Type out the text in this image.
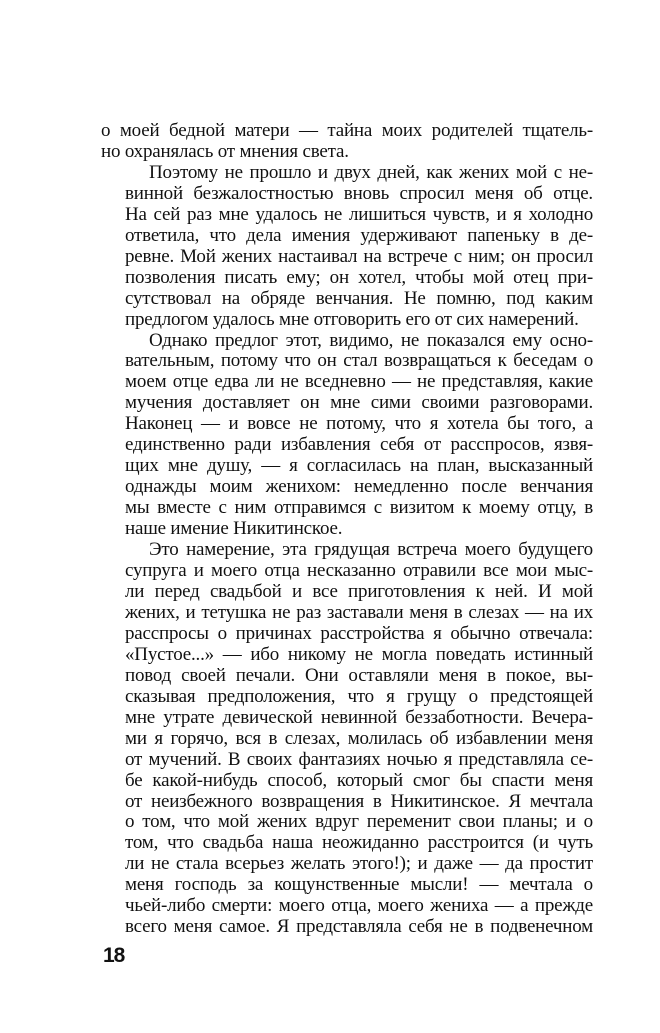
о моей бедной матери — тайна моих родителей тщатель-
но охранялась от мнения света.
Поэтому не прошло и двух дней, как жених мой с не-
винной безжалостностью вновь спросил меня об отце.
На сей раз мне удалось не лишиться чувств, и я холодно
ответила, что дела имения удерживают папеньку в де-
ревне. Мой жених настаивал на встрече с ним; он просил
позволения писать ему; он хотел, чтобы мой отец при-
сутствовал на обряде венчания. Не помню, под каким
предлогом удалось мне отговорить его от сих намерений.
Однако предлог этот, видимо, не показался ему осно-
вательным, потому что он стал возвращаться к беседам о
моем отце едва ли не вседневно — не представляя, какие
мучения доставляет он мне сими своими разговорами.
Наконец — и вовсе не потому, что я хотела бы того, а
единственно ради избавления себя от расспросов, язвя-
щих мне душу, — я согласилась на план, высказанный
однажды моим женихом: немедленно после венчания
мы вместе с ним отправимся с визитом к моему отцу, в
наше имение Никитинское.
Это намерение, эта грядущая встреча моего будущего
супруга и моего отца несказанно отравили все мои мыс-
ли перед свадьбой и все приготовления к ней. И мой
жених, и тетушка не раз заставали меня в слезах — на их
расспросы о причинах расстройства я обычно отвечала:
«Пустое...» — ибо никому не могла поведать истинный
повод своей печали. Они оставляли меня в покое, вы-
сказывая предположения, что я грущу о предстоящей
мне утрате девической невинной беззаботности. Вечера-
ми я горячо, вся в слезах, молилась об избавлении меня
от мучений. В своих фантазиях ночью я представляла се-
бе какой-нибудь способ, который смог бы спасти меня
от неизбежного возвращения в Никитинское. Я мечтала
о том, что мой жених вдруг переменит свои планы; и о
том, что свадьба наша неожиданно расстроится (и чуть
ли не стала всерьез желать этого!); и даже — да простит
меня господь за кощунственные мысли! — мечтала о
чьей-либо смерти: моего отца, моего жениха — а прежде
всего меня самое. Я представляла себя не в подвенечном
18
